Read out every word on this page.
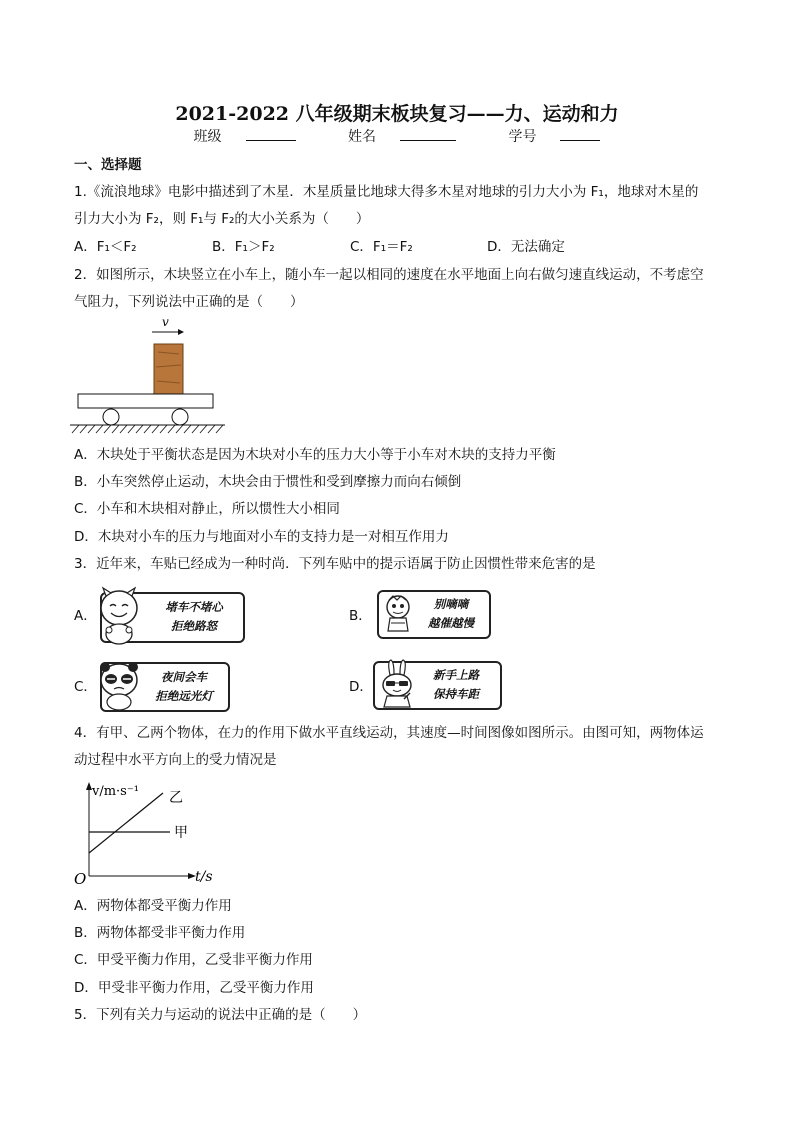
2021-2022 八年级期末板块复习——力、运动和力
班级	姓名	学号
一、选择题
1.《流浪地球》电影中描述到了木星．木星质量比地球大得多木星对地球的引力大小为 F₁，地球对木星的
引力大小为 F₂，则 F₁与 F₂的大小关系为（　　）
A．F₁＜F₂	B．F₁＞F₂	C．F₁＝F₂	D．无法确定
2．如图所示，木块竖立在小车上，随小车一起以相同的速度在水平地面上向右做匀速直线运动，不考虑空
气阻力，下列说法中正确的是（　　）
v
A．木块处于平衡状态是因为木块对小车的压力大小等于小车对木块的支持力平衡
B．小车突然停止运动，木块会由于惯性和受到摩擦力而向右倾倒
C．小车和木块相对静止，所以惯性大小相同
D．木块对小车的压力与地面对小车的支持力是一对相互作用力
3．近年来，车贴已经成为一种时尚．下列车贴中的提示语属于防止因惯性带来危害的是
A．
堵车不堵心
拒绝路怒
B．
别嘀嘀
越催越慢
C．
夜间会车
拒绝远光灯
D．
新手上路
保持车距
4．有甲、乙两个物体，在力的作用下做水平直线运动，其速度—时间图像如图所示。由图可知，两物体运
动过程中水平方向上的受力情况是
v/m·s⁻¹
t/s
O
乙
甲
A．两物体都受平衡力作用
B．两物体都受非平衡力作用
C．甲受平衡力作用，乙受非平衡力作用
D．甲受非平衡力作用，乙受平衡力作用
5．下列有关力与运动的说法中正确的是（　　）
